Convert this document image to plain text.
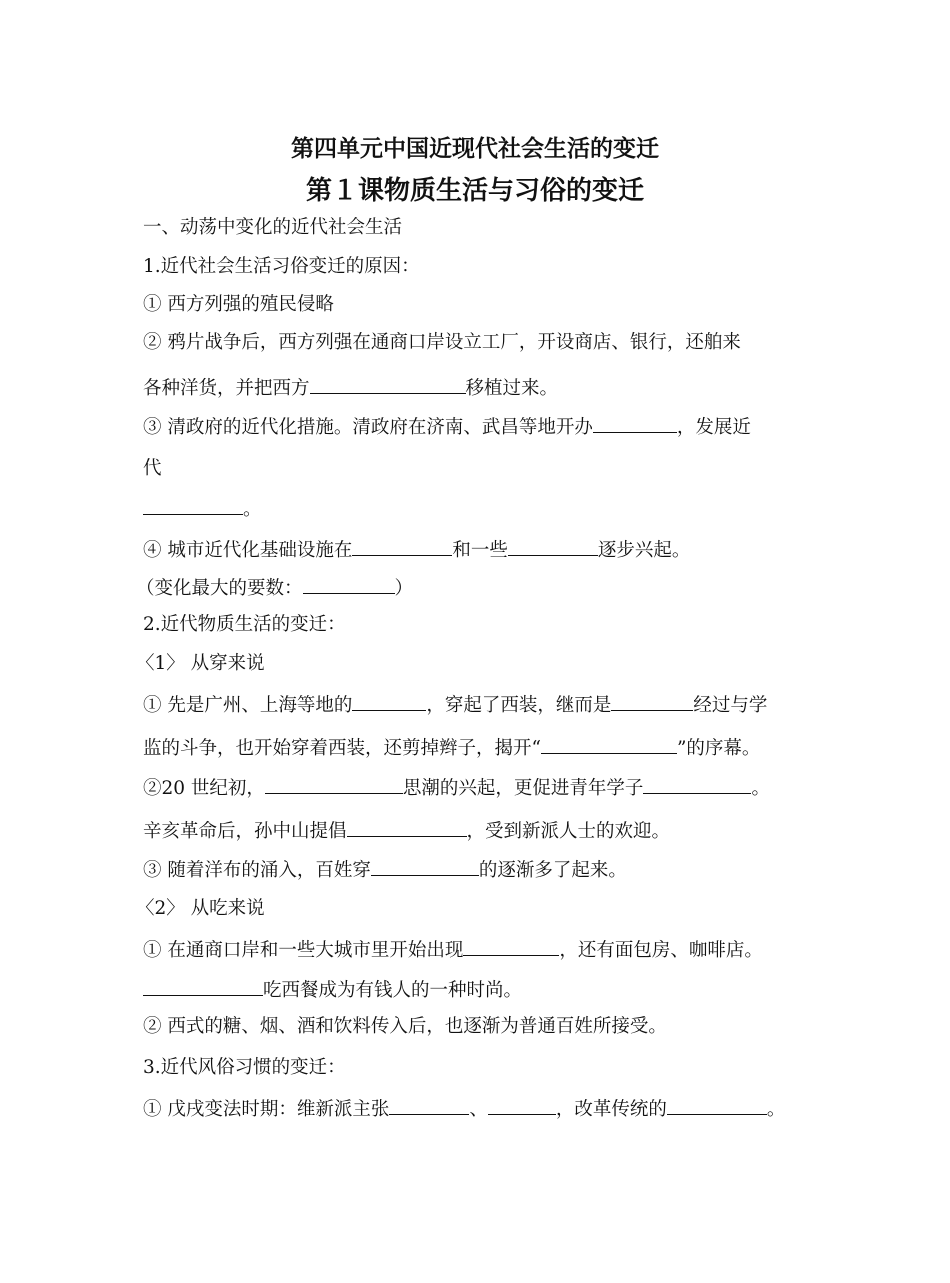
第四单元中国近现代社会生活的变迁
第１课物质生活与习俗的变迁
一、动荡中变化的近代社会生活
1.近代社会生活习俗变迁的原因：
① 西方列强的殖民侵略
② 鸦片战争后，西方列强在通商口岸设立工厂，开设商店、银行，还舶来
各种洋货，并把西方	移植过来。
③ 清政府的近代化措施。清政府在济南、武昌等地开办	，发展近
代
。
④ 城市近代化基础设施在	和一些	逐步兴起。
（变化最大的要数：	）
2.近代物质生活的变迁：
〈1〉 从穿来说
① 先是广州、上海等地的	，穿起了西装，继而是	经过与学
监的斗争，也开始穿着西装，还剪掉辫子，揭开“	”的序幕。
②20 世纪初，	思潮的兴起，更促进青年学子	。
辛亥革命后，孙中山提倡	，受到新派人士的欢迎。
③ 随着洋布的涌入，百姓穿	的逐渐多了起来。
〈2〉 从吃来说
① 在通商口岸和一些大城市里开始出现	，还有面包房、咖啡店。
吃西餐成为有钱人的一种时尚。
② 西式的糖、烟、酒和饮料传入后，也逐渐为普通百姓所接受。
3.近代风俗习惯的变迁：
① 戊戌变法时期：维新派主张	、	，改革传统的	。
